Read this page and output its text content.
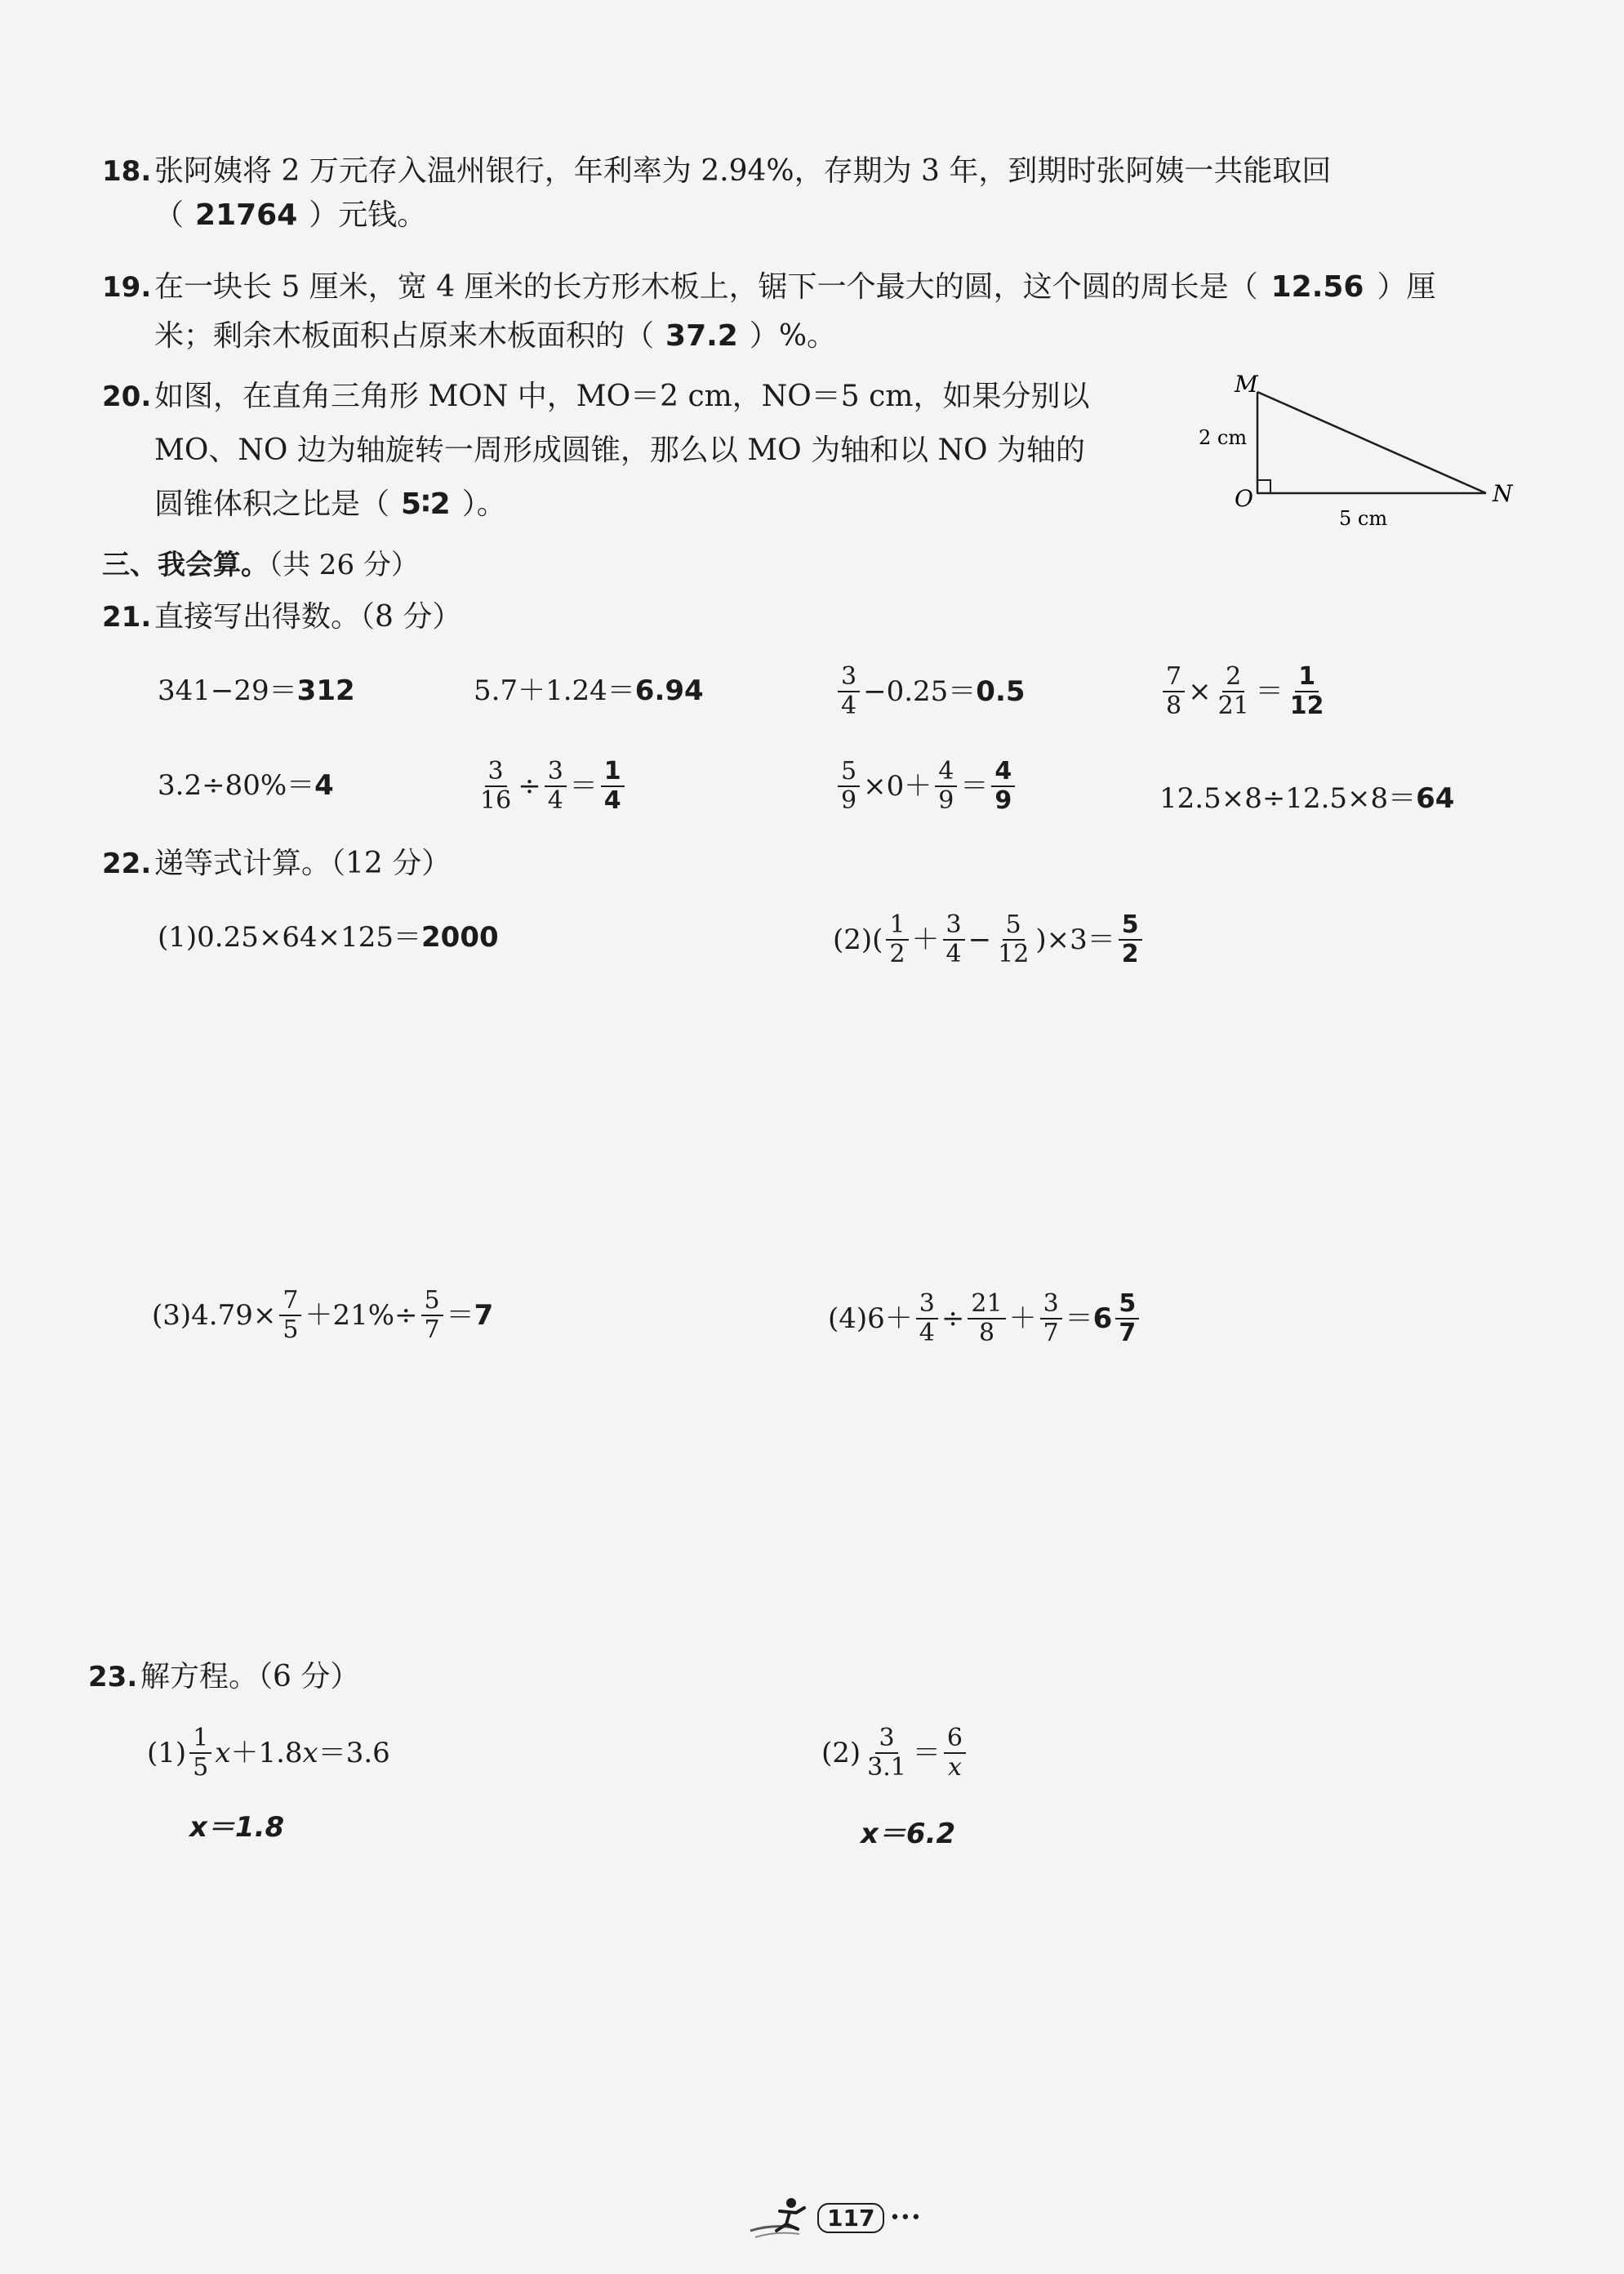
18. 张阿姨将 2 万元存入温州银行，年利率为 2.94%，存期为 3 年，到期时张阿姨一共能取回
（ 21764 ）元钱。
19. 在一块长 5 厘米，宽 4 厘米的长方形木板上，锯下一个最大的圆，这个圆的周长是（ 12.56 ）厘
米；剩余木板面积占原来木板面积的（ 37.2 ）%。
20. 如图，在直角三角形 MON 中，MO＝2 cm，NO＝5 cm，如果分别以
MO、NO 边为轴旋转一周形成圆锥，那么以 MO 为轴和以 NO 为轴的
圆锥体积之比是（ 5∶2 ）。
M
O	N
2 cm
5 cm
三、我会算。（共 26 分）
21. 直接写出得数。（8 分）
341−29＝ 312	5.7＋1.24＝ 6.94	$\frac{3}{4} -0.25= 0.5$	$\frac{7}{8} \times \frac{2}{21} = \frac{1}{12}$
3.2÷80%＝ 4	$\frac{3}{16} \div \frac{3}{4} = \frac{1}{4}$	$\frac{5}{9} \times 0+ \frac{4}{9} = \frac{4}{9}$	12.5×8÷12.5×8＝ 64
22. 递等式计算。（12 分）
(1)0.25×64×125＝ 2000	$(2)( \frac{1}{2} + \frac{3}{4} - \frac{5}{12} )\times 3= \frac{5}{2}$
$(3)4.79\times \frac{7}{5} +21\%\div \frac{5}{7} = 7$	$(4)6+ \frac{3}{4} \div \frac{21}{8} + \frac{3}{7} = 6 \frac{5}{7}$
23. 解方程。（6 分）
$(1) \frac{1}{5}$ x ＋1.8 x ＝3.6
x＝1.8
$(2) \frac{3}{3.1} = \frac{6}{x}$
x＝6.2
117 •••
